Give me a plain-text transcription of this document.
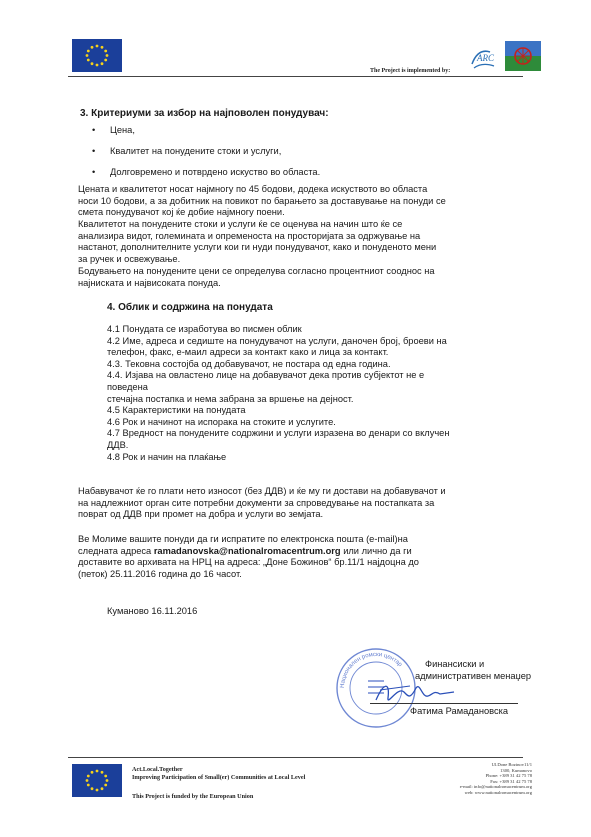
The Project is implemented by:
ARC
3. Критериуми за избор на најповолен понудувач:
• Цена,
• Квалитет на понудените стоки и услуги,
• Долговремено и потврдено искуство во областа.
Цената и квалитетот носат најмногу по 45 бодови, додека искуството во областа
носи 10 бодови, а за добитник на повикот по барањето за доставување на понуди се
смета понудувачот кој ќе добие најмногу поени.
Квалитетот на понудените стоки и услуги ќе се оценува на начин што ќе се
анализира видот, големината и опременоста на просторијата за одржување на
настанот, дополнителните услуги кои ги нуди понудувачот, како и понуденото мени
за ручек и освежување.
Бодувањето на понудените цени се определува согласно процентниот сооднос на
најниската и највисоката понуда.
4. Облик и содржина на понудата
4.1 Понудата се изработува во писмен облик
4.2 Име, адреса и седиште на понудувачот на услуги, даночен број, броеви на
телефон, факс, е-маил адреси за контакт како и лица за контакт.
4.3. Тековна состојба од добавувачот, не постара од една година.
4.4. Изјава на овластено лице на добавувачот дека против субјектот не е
поведена
стечајна постапка и нема забрана за вршење на дејност.
4.5 Карактеристики на понудата
4.6 Рок и начинот на испорака на стоките и услугите.
4.7 Вредност на понудените содржини и услуги изразена во денари со вклучен
ДДВ.
4.8 Рок и начин на плаќање
Набавувачот ќе го плати нето износот (без ДДВ) и ќе му ги достави на добавувачот и
на надлежниот орган сите потребни документи за спроведување на постапката за
поврат од ДДВ при промет на добра и услуги во земјата.
Ве Молиме вашите понуди да ги испратите по електронска пошта (e-mail)на
следната адреса ramadanovska@nationalromacentrum.org или лично да ги
доставите во архивата на НРЦ на адреса: „Доне Божинов“ бр.11/1 најдоцна до
(петок) 25.11.2016 година до 16 часот.
Куманово 16.11.2016
Национален ромски центар	Финансиски и
административен менаџер
Фатима Рамадановска
Act.Local.Together
Improving Participation of Small(er) Communities at Local Level
This Project is funded by the European Union
Ul.Done Bozinov11/1
1300, Kumanovo
Phone: +389 31 42 75 78
Fax: +389 31 42 75 78
e-mail: info@nationalromacentrum.org
web: www.nationalromacentrum.org
